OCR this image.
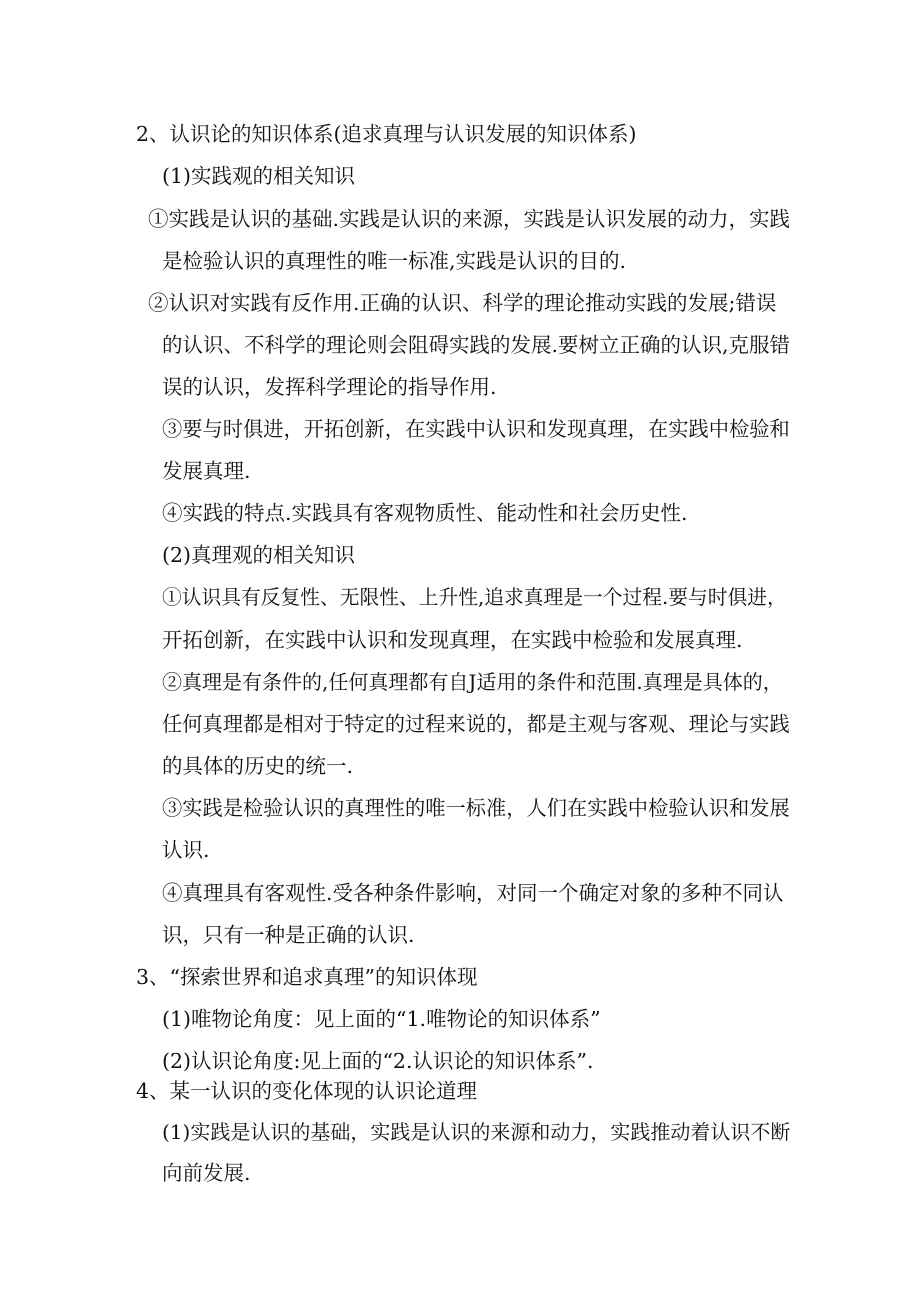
2、认识论的知识体系(追求真理与认识发展的知识体系)
(1)实践观的相关知识
①实践是认识的基础.实践是认识的来源，实践是认识发展的动力，实践
是检验认识的真理性的唯一标准,实践是认识的目的.
②认识对实践有反作用.正确的认识、科学的理论推动实践的发展;错误
的认识、不科学的理论则会阻碍实践的发展.要树立正确的认识,克服错
误的认识，发挥科学理论的指导作用.
③要与时俱进，开拓创新，在实践中认识和发现真理，在实践中检验和
发展真理.
④实践的特点.实践具有客观物质性、能动性和社会历史性.
(2)真理观的相关知识
①认识具有反复性、无限性、上升性,追求真理是一个过程.要与时俱进，
开拓创新，在实践中认识和发现真理，在实践中检验和发展真理.
②真理是有条件的,任何真理都有自J适用的条件和范围.真理是具体的，
任何真理都是相对于特定的过程来说的，都是主观与客观、理论与实践
的具体的历史的统一.
③实践是检验认识的真理性的唯一标准，人们在实践中检验认识和发展
认识.
④真理具有客观性.受各种条件影响，对同一个确定对象的多种不同认
识，只有一种是正确的认识.
3、“探索世界和追求真理”的知识体现
(1)唯物论角度：见上面的“1.唯物论的知识体系”
(2)认识论角度:见上面的“2.认识论的知识体系”.
4、某一认识的变化体现的认识论道理
(1)实践是认识的基础，实践是认识的来源和动力，实践推动着认识不断
向前发展.
